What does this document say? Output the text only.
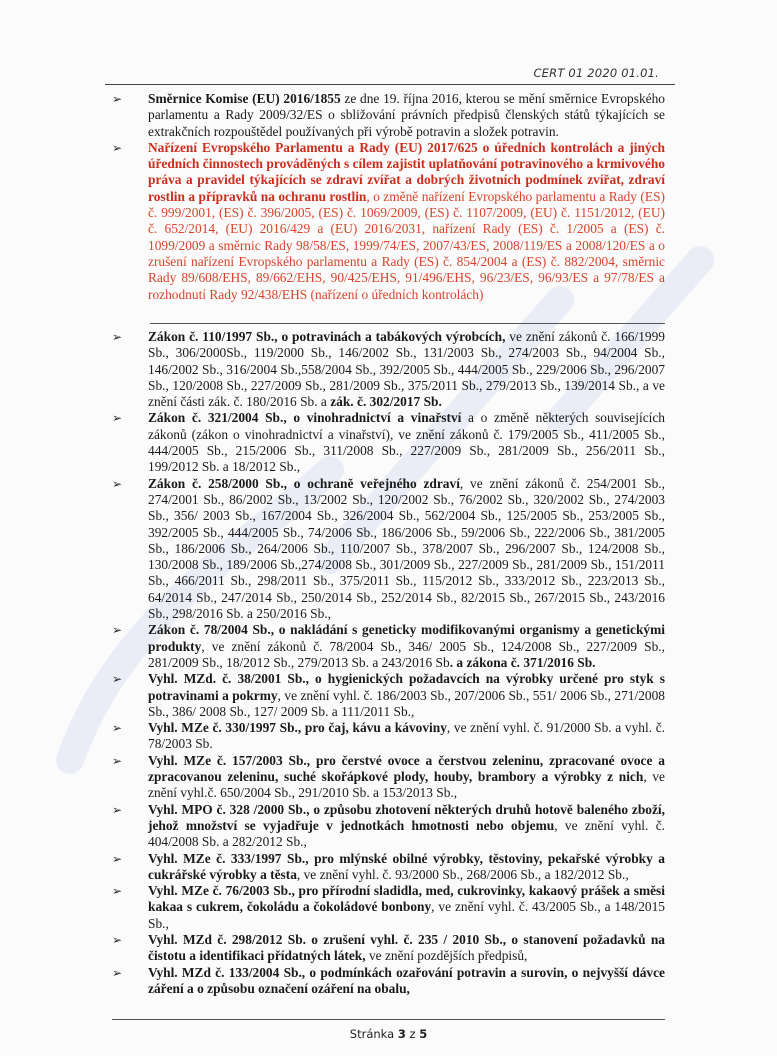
CERT 01 2020 01.01.
➢ Směrnice Komise (EU) 2016/1855 ze dne 19. října 2016, kterou se mění směrnice Evropského parlamentu a Rady 2009/32/ES o sbližování právních předpisů členských států týkajících se extrakčních rozpouštědel používaných při výrobě potravin a složek potravin.
➢ Nařízení Evropského Parlamentu a Rady (EU) 2017/625 o úředních kontrolách a jiných úředních činnostech prováděných s cílem zajistit uplatňování potravinového a krmivového práva a pravidel týkajících se zdraví zvířat a dobrých životních podmínek zvířat, zdraví rostlin a přípravků na ochranu rostlin, o změně nařízení Evropského parlamentu a Rady (ES) č. 999/2001, (ES) č. 396/2005, (ES) č. 1069/2009, (ES) č. 1107/2009, (EU) č. 1151/2012, (EU) č. 652/2014, (EU) 2016/429 a (EU) 2016/2031, nařízení Rady (ES) č. 1/2005 a (ES) č. 1099/2009 a směrnic Rady 98/58/ES, 1999/74/ES, 2007/43/ES, 2008/119/ES a 2008/120/ES a o zrušení nařízení Evropského parlamentu a Rady (ES) č. 854/2004 a (ES) č. 882/2004, směrnic Rady 89/608/EHS, 89/662/EHS, 90/425/EHS, 91/496/EHS, 96/23/ES, 96/93/ES a 97/78/ES a rozhodnutí Rady 92/438/EHS (nařízení o úředních kontrolách)
➢ Zákon č. 110/1997 Sb., o potravinách a tabákových výrobcích, ve znění zákonů č. 166/1999 Sb., 306/2000Sb., 119/2000 Sb., 146/2002 Sb., 131/2003 Sb., 274/2003 Sb., 94/2004 Sb., 146/2002 Sb., 316/2004 Sb.,558/2004 Sb., 392/2005 Sb., 444/2005 Sb., 229/2006 Sb., 296/2007 Sb., 120/2008 Sb., 227/2009 Sb., 281/2009 Sb., 375/2011 Sb., 279/2013 Sb., 139/2014 Sb., a ve znění části zák. č. 180/2016 Sb. a zák. č. 302/2017 Sb.
➢ Zákon č. 321/2004 Sb., o vinohradnictví a vinařství a o změně některých souvisejících zákonů (zákon o vinohradnictví a vinařství), ve znění zákonů č. 179/2005 Sb., 411/2005 Sb., 444/2005 Sb., 215/2006 Sb., 311/2008 Sb., 227/2009 Sb., 281/2009 Sb., 256/2011 Sb., 199/2012 Sb. a 18/2012 Sb.,
➢ Zákon č. 258/2000 Sb., o ochraně veřejného zdraví, ve znění zákonů č. 254/2001 Sb., 274/2001 Sb., 86/2002 Sb., 13/2002 Sb., 120/2002 Sb., 76/2002 Sb., 320/2002 Sb., 274/2003 Sb., 356/ 2003 Sb., 167/2004 Sb., 326/2004 Sb., 562/2004 Sb., 125/2005 Sb., 253/2005 Sb., 392/2005 Sb., 444/2005 Sb., 74/2006 Sb., 186/2006 Sb., 59/2006 Sb., 222/2006 Sb., 381/2005 Sb., 186/2006 Sb., 264/2006 Sb., 110/2007 Sb., 378/2007 Sb., 296/2007 Sb., 124/2008 Sb., 130/2008 Sb., 189/2006 Sb.,274/2008 Sb., 301/2009 Sb., 227/2009 Sb., 281/2009 Sb., 151/2011 Sb., 466/2011 Sb., 298/2011 Sb., 375/2011 Sb., 115/2012 Sb., 333/2012 Sb., 223/2013 Sb., 64/2014 Sb., 247/2014 Sb., 250/2014 Sb., 252/2014 Sb., 82/2015 Sb., 267/2015 Sb., 243/2016 Sb., 298/2016 Sb. a 250/2016 Sb.,
➢ Zákon č. 78/2004 Sb., o nakládání s geneticky modifikovanými organismy a genetickými produkty, ve znění zákonů č. 78/2004 Sb., 346/ 2005 Sb., 124/2008 Sb., 227/2009 Sb., 281/2009 Sb., 18/2012 Sb., 279/2013 Sb. a 243/2016 Sb. a zákona č. 371/2016 Sb.
➢ Vyhl. MZd. č. 38/2001 Sb., o hygienických požadavcích na výrobky určené pro styk s potravinami a pokrmy, ve znění vyhl. č. 186/2003 Sb., 207/2006 Sb., 551/ 2006 Sb., 271/2008 Sb., 386/ 2008 Sb., 127/ 2009 Sb. a 111/2011 Sb.,
➢ Vyhl. MZe č. 330/1997 Sb., pro čaj, kávu a kávoviny, ve znění vyhl. č. 91/2000 Sb. a vyhl. č. 78/2003 Sb.
➢ Vyhl. MZe č. 157/2003 Sb., pro čerstvé ovoce a čerstvou zeleninu, zpracované ovoce a zpracovanou zeleninu, suché skořápkové plody, houby, brambory a výrobky z nich, ve znění vyhl.č. 650/2004 Sb., 291/2010 Sb. a 153/2013 Sb.,
➢ Vyhl. MPO č. 328 /2000 Sb., o způsobu zhotovení některých druhů hotově baleného zboží, jehož množství se vyjadřuje v jednotkách hmotnosti nebo objemu, ve znění vyhl. č. 404/2008 Sb. a 282/2012 Sb.,
➢ Vyhl. MZe č. 333/1997 Sb., pro mlýnské obilné výrobky, těstoviny, pekařské výrobky a cukrářské výrobky a těsta, ve znění vyhl. č. 93/2000 Sb., 268/2006 Sb., a 182/2012 Sb.,
➢ Vyhl. MZe č. 76/2003 Sb., pro přírodní sladidla, med, cukrovinky, kakaový prášek a směsi kakaa s cukrem, čokoládu a čokoládové bonbony, ve znění vyhl. č. 43/2005 Sb., a 148/2015 Sb.,
➢ Vyhl. MZd č. 298/2012 Sb. o zrušení vyhl. č. 235 / 2010 Sb., o stanovení požadavků na čistotu a identifikaci přídatných látek, ve znění pozdějších předpisů,
➢ Vyhl. MZd č. 133/2004 Sb., o podmínkách ozařování potravin a surovin, o nejvyšší dávce záření a o způsobu označení ozáření na obalu,
Stránka 3 z 5
